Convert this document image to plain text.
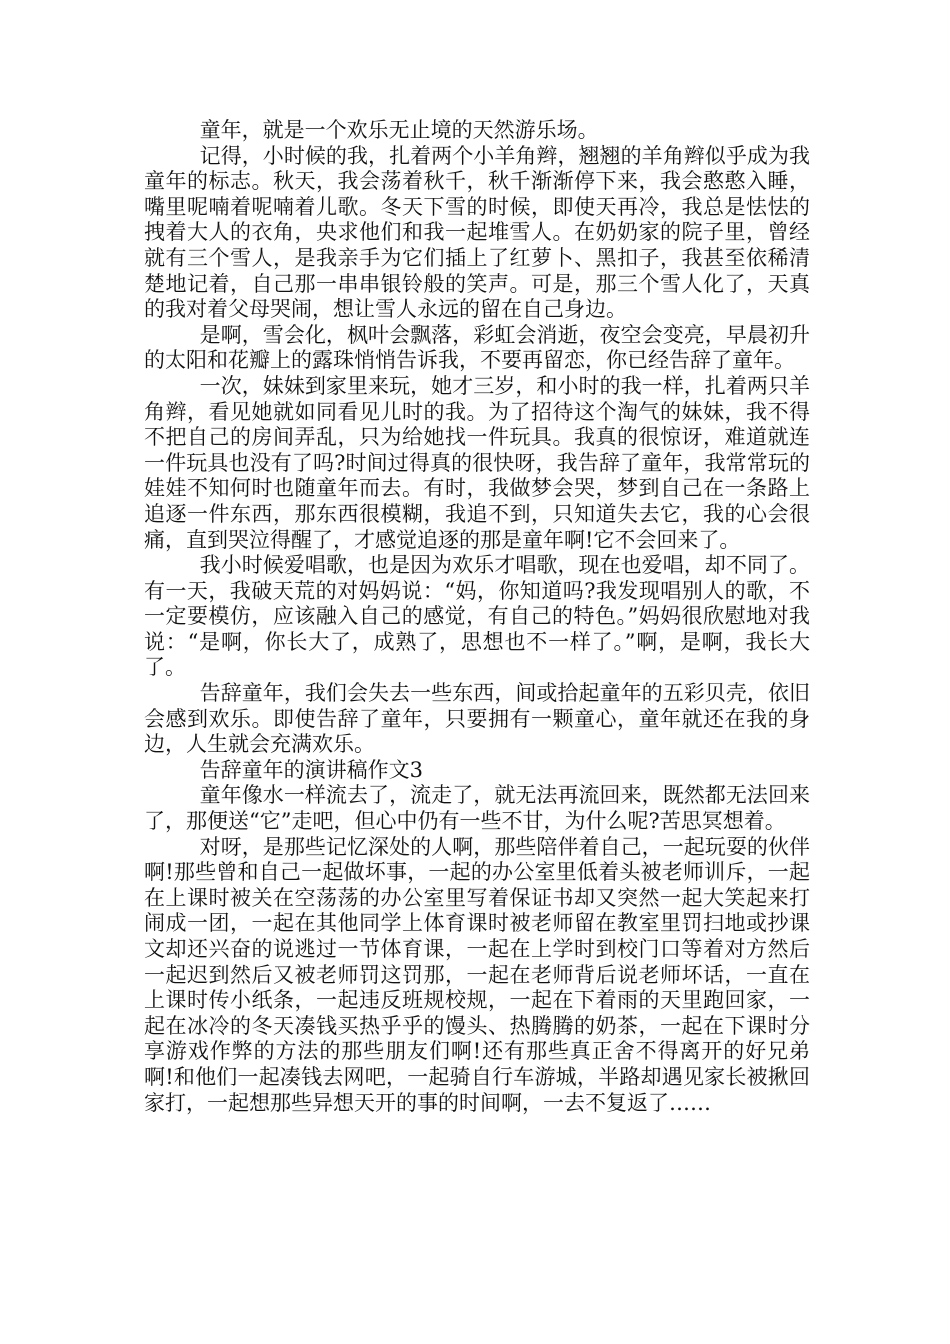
童年，就是一个欢乐无止境的天然游乐场。

记得，小时候的我，扎着两个小羊角辫，翘翘的羊角辫似乎成为我童年的标志。秋天，我会荡着秋千，秋千渐渐停下来，我会憨憨入睡，嘴里呢喃着呢喃着儿歌。冬天下雪的时候，即使天再冷，我总是怯怯的拽着大人的衣角，央求他们和我一起堆雪人。在奶奶家的院子里，曾经就有三个雪人，是我亲手为它们插上了红萝卜、黑扣子，我甚至依稀清楚地记着，自己那一串串银铃般的笑声。可是，那三个雪人化了，天真的我对着父母哭闹，想让雪人永远的留在自己身边。

是啊，雪会化，枫叶会飘落，彩虹会消逝，夜空会变亮，早晨初升的太阳和花瓣上的露珠悄悄告诉我，不要再留恋，你已经告辞了童年。

一次，妹妹到家里来玩，她才三岁，和小时的我一样，扎着两只羊角辫，看见她就如同看见儿时的我。为了招待这个淘气的妹妹，我不得不把自己的房间弄乱，只为给她找一件玩具。我真的很惊讶，难道就连一件玩具也没有了吗?时间过得真的很快呀，我告辞了童年，我常常玩的娃娃不知何时也随童年而去。有时，我做梦会哭，梦到自己在一条路上追逐一件东西，那东西很模糊，我追不到，只知道失去它，我的心会很痛，直到哭泣得醒了，才感觉追逐的那是童年啊!它不会回来了。

我小时候爱唱歌，也是因为欢乐才唱歌，现在也爱唱，却不同了。有一天，我破天荒的对妈妈说：“妈，你知道吗?我发现唱别人的歌，不一定要模仿，应该融入自己的感觉，有自己的特色。”妈妈很欣慰地对我说：“是啊，你长大了，成熟了，思想也不一样了。”啊，是啊，我长大了。

告辞童年，我们会失去一些东西，间或拾起童年的五彩贝壳，依旧会感到欢乐。即使告辞了童年，只要拥有一颗童心，童年就还在我的身边，人生就会充满欢乐。

告辞童年的演讲稿作文3

童年像水一样流去了，流走了，就无法再流回来，既然都无法回来了，那便送“它”走吧，但心中仍有一些不甘，为什么呢?苦思冥想着。

对呀，是那些记忆深处的人啊，那些陪伴着自己，一起玩耍的伙伴啊!那些曾和自己一起做坏事，一起的办公室里低着头被老师训斥，一起在上课时被关在空荡荡的办公室里写着保证书却又突然一起大笑起来打闹成一团，一起在其他同学上体育课时被老师留在教室里罚扫地或抄课文却还兴奋的说逃过一节体育课，一起在上学时到校门口等着对方然后一起迟到然后又被老师罚这罚那，一起在老师背后说老师坏话，一直在上课时传小纸条，一起违反班规校规，一起在下着雨的天里跑回家，一起在冰冷的冬天凑钱买热乎乎的馒头、热腾腾的奶茶，一起在下课时分享游戏作弊的方法的那些朋友们啊!还有那些真正舍不得离开的好兄弟啊!和他们一起凑钱去网吧，一起骑自行车游城，半路却遇见家长被揪回家打，一起想那些异想天开的事的时间啊，一去不复返了……
